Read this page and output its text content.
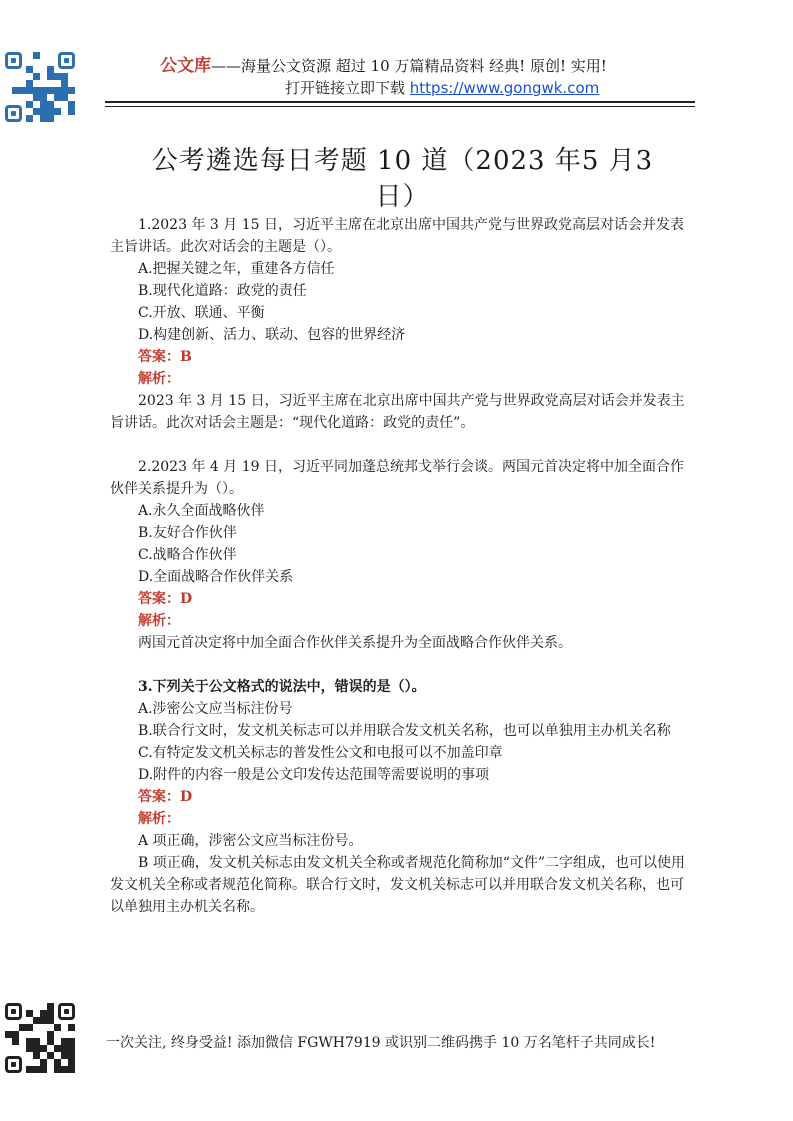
公文库——海量公文资源 超过 10 万篇精品资料 经典! 原创! 实用!
打开链接立即下载 https://www.gongwk.com
公考遴选每日考题 10 道（2023 年5 月3 日）

1.2023 年 3 月 15 日，习近平主席在北京出席中国共产党与世界政党高层对话会并发表主旨讲话。此次对话会的主题是（）。

A.把握关键之年，重建各方信任

B.现代化道路：政党的责任

C.开放、联通、平衡

D.构建创新、活力、联动、包容的世界经济

答案：B

解析：

2023 年 3 月 15 日，习近平主席在北京出席中国共产党与世界政党高层对话会并发表主旨讲话。此次对话会主题是：“现代化道路：政党的责任”。

2.2023 年 4 月 19 日，习近平同加蓬总统邦戈举行会谈。两国元首决定将中加全面合作伙伴关系提升为（）。

A.永久全面战略伙伴

B.友好合作伙伴

C.战略合作伙伴

D.全面战略合作伙伴关系

答案：D

解析：

两国元首决定将中加全面合作伙伴关系提升为全面战略合作伙伴关系。

3.下列关于公文格式的说法中，错误的是（）。

A.涉密公文应当标注份号

B.联合行文时，发文机关标志可以并用联合发文机关名称，也可以单独用主办机关名称

C.有特定发文机关标志的普发性公文和电报可以不加盖印章

D.附件的内容一般是公文印发传达范围等需要说明的事项

答案：D

解析：

A 项正确，涉密公文应当标注份号。

B 项正确，发文机关标志由发文机关全称或者规范化简称加“文件”二字组成，也可以使用发文机关全称或者规范化简称。联合行文时，发文机关标志可以并用联合发文机关名称，也可以单独用主办机关名称。

一次关注, 终身受益! 添加微信 FGWH7919 或识别二维码携手 10 万名笔杆子共同成长!
